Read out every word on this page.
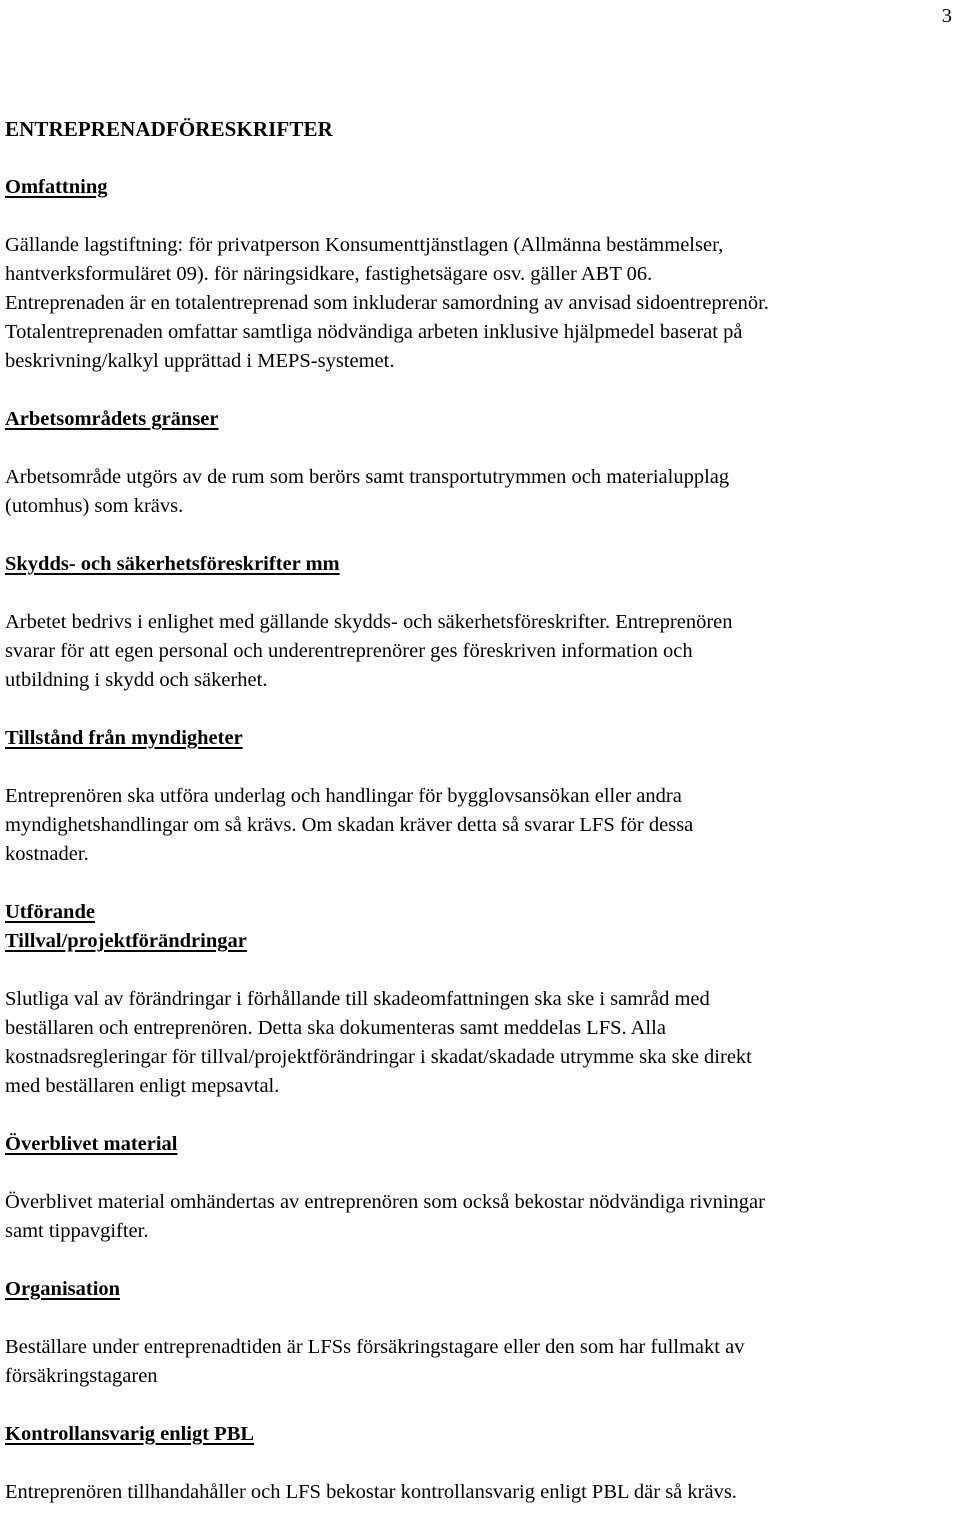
3
ENTREPRENADFÖRESKRIFTER
Omfattning
Gällande lagstiftning: för privatperson Konsumenttjänstlagen (Allmänna bestämmelser,
hantverksformuläret 09). för näringsidkare, fastighetsägare osv. gäller ABT 06.
Entreprenaden är en totalentreprenad som inkluderar samordning av anvisad sidoentreprenör.
Totalentreprenaden omfattar samtliga nödvändiga arbeten inklusive hjälpmedel baserat på
beskrivning/kalkyl upprättad i MEPS-systemet.
Arbetsområdets gränser
Arbetsområde utgörs av de rum som berörs samt transportutrymmen och materialupplag
(utomhus) som krävs.
Skydds- och säkerhetsföreskrifter mm
Arbetet bedrivs i enlighet med gällande skydds- och säkerhetsföreskrifter. Entreprenören
svarar för att egen personal och underentreprenörer ges föreskriven information och
utbildning i skydd och säkerhet.
Tillstånd från myndigheter
Entreprenören ska utföra underlag och handlingar för bygglovsansökan eller andra
myndighetshandlingar om så krävs. Om skadan kräver detta så svarar LFS för dessa
kostnader.
Utförande
Tillval/projektförändringar
Slutliga val av förändringar i förhållande till skadeomfattningen ska ske i samråd med
beställaren och entreprenören. Detta ska dokumenteras samt meddelas LFS. Alla
kostnadsregleringar för tillval/projektförändringar i skadat/skadade utrymme ska ske direkt
med beställaren enligt mepsavtal.
Överblivet material
Överblivet material omhändertas av entreprenören som också bekostar nödvändiga rivningar
samt tippavgifter.
Organisation
Beställare under entreprenadtiden är LFSs försäkringstagare eller den som har fullmakt av
försäkringstagaren
Kontrollansvarig enligt PBL
Entreprenören tillhandahåller och LFS bekostar kontrollansvarig enligt PBL där så krävs.
